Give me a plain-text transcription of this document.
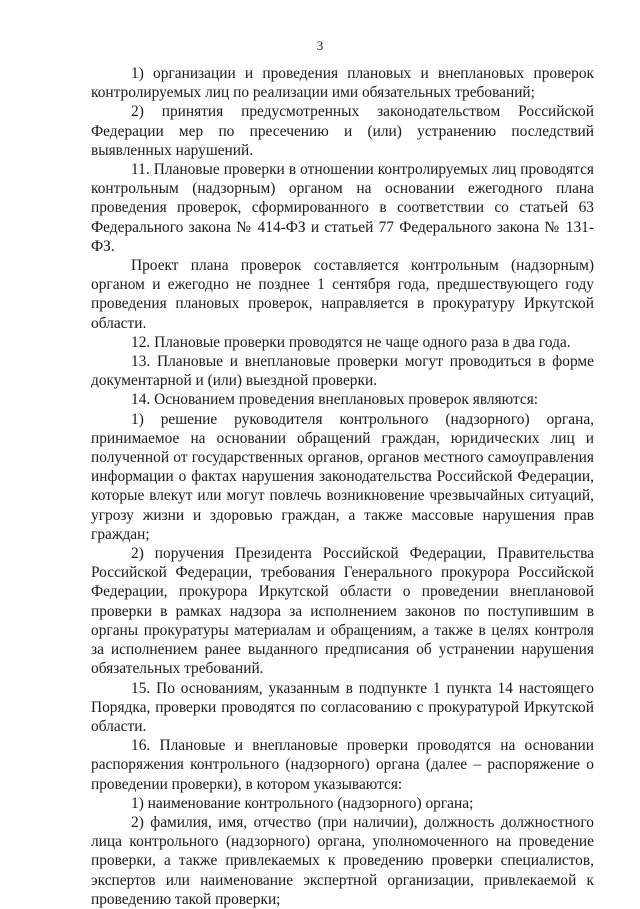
3

1) организации и проведения плановых и внеплановых проверок контролируемых лиц по реализации ими обязательных требований;

2) принятия предусмотренных законодательством Российской Федерации мер по пресечению и (или) устранению последствий выявленных нарушений.

11. Плановые проверки в отношении контролируемых лиц проводятся контрольным (надзорным) органом на основании ежегодного плана проведения проверок, сформированного в соответствии со статьей 63 Федерального закона № 414-ФЗ и статьей 77 Федерального закона № 131-ФЗ.

Проект плана проверок составляется контрольным (надзорным) органом и ежегодно не позднее 1 сентября года, предшествующего году проведения плановых проверок, направляется в прокуратуру Иркутской области.

12. Плановые проверки проводятся не чаще одного раза в два года.

13. Плановые и внеплановые проверки могут проводиться в форме документарной и (или) выездной проверки.

14. Основанием проведения внеплановых проверок являются:

1) решение руководителя контрольного (надзорного) органа, принимаемое на основании обращений граждан, юридических лиц и полученной от государственных органов, органов местного самоуправления информации о фактах нарушения законодательства Российской Федерации, которые влекут или могут повлечь возникновение чрезвычайных ситуаций, угрозу жизни и здоровью граждан, а также массовые нарушения прав граждан;

2) поручения Президента Российской Федерации, Правительства Российской Федерации, требования Генерального прокурора Российской Федерации, прокурора Иркутской области о проведении внеплановой проверки в рамках надзора за исполнением законов по поступившим в органы прокуратуры материалам и обращениям, а также в целях контроля за исполнением ранее выданного предписания об устранении нарушения обязательных требований.

15. По основаниям, указанным в подпункте 1 пункта 14 настоящего Порядка, проверки проводятся по согласованию с прокуратурой Иркутской области.

16. Плановые и внеплановые проверки проводятся на основании распоряжения контрольного (надзорного) органа (далее – распоряжение о проведении проверки), в котором указываются:

1) наименование контрольного (надзорного) органа;

2) фамилия, имя, отчество (при наличии), должность должностного лица контрольного (надзорного) органа, уполномоченного на проведение проверки, а также привлекаемых к проведению проверки специалистов, экспертов или наименование экспертной организации, привлекаемой к проведению такой проверки;
